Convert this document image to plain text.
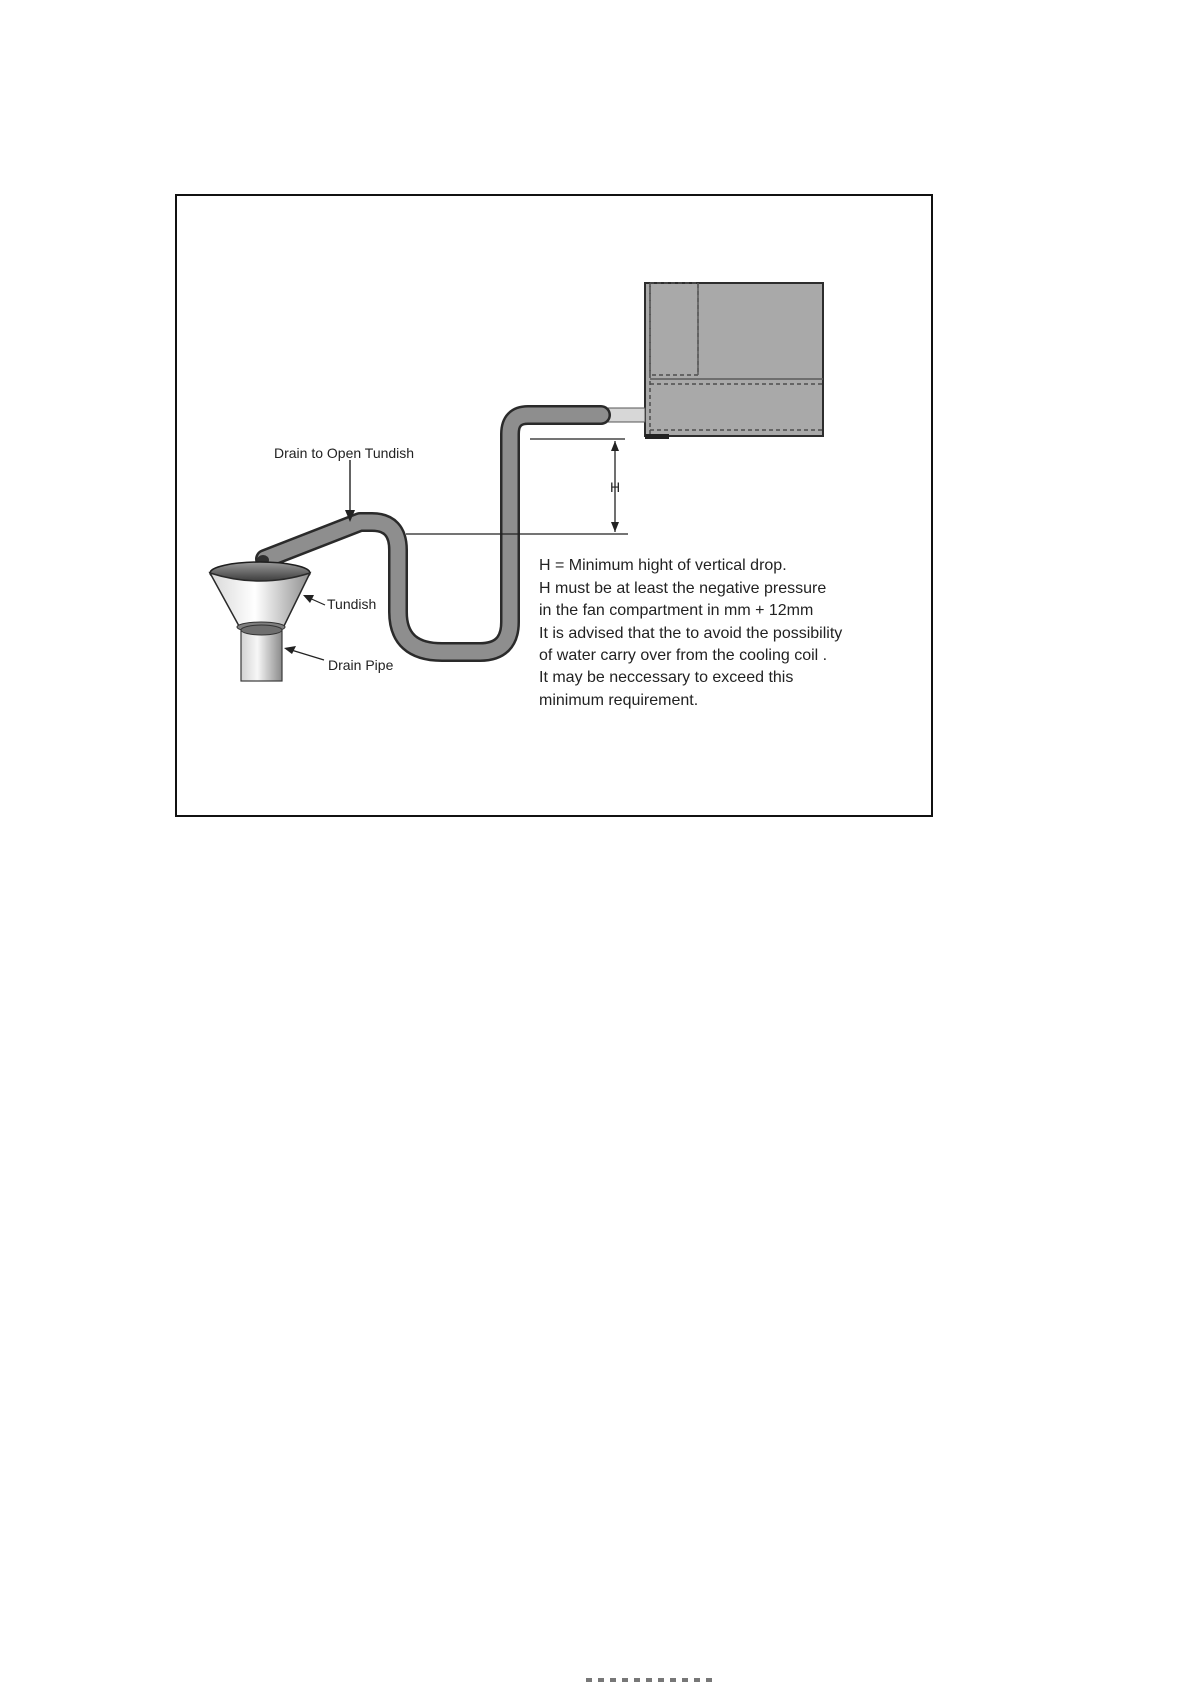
Drain to Open Tundish
Tundish
Drain Pipe
H
H = Minimum hight of vertical drop.
H must be at least the negative pressure
in the fan compartment in mm + 12mm
It is advised that the to avoid the possibility
of water carry over from the cooling coil .
It may be neccessary to exceed this
minimum requirement.
